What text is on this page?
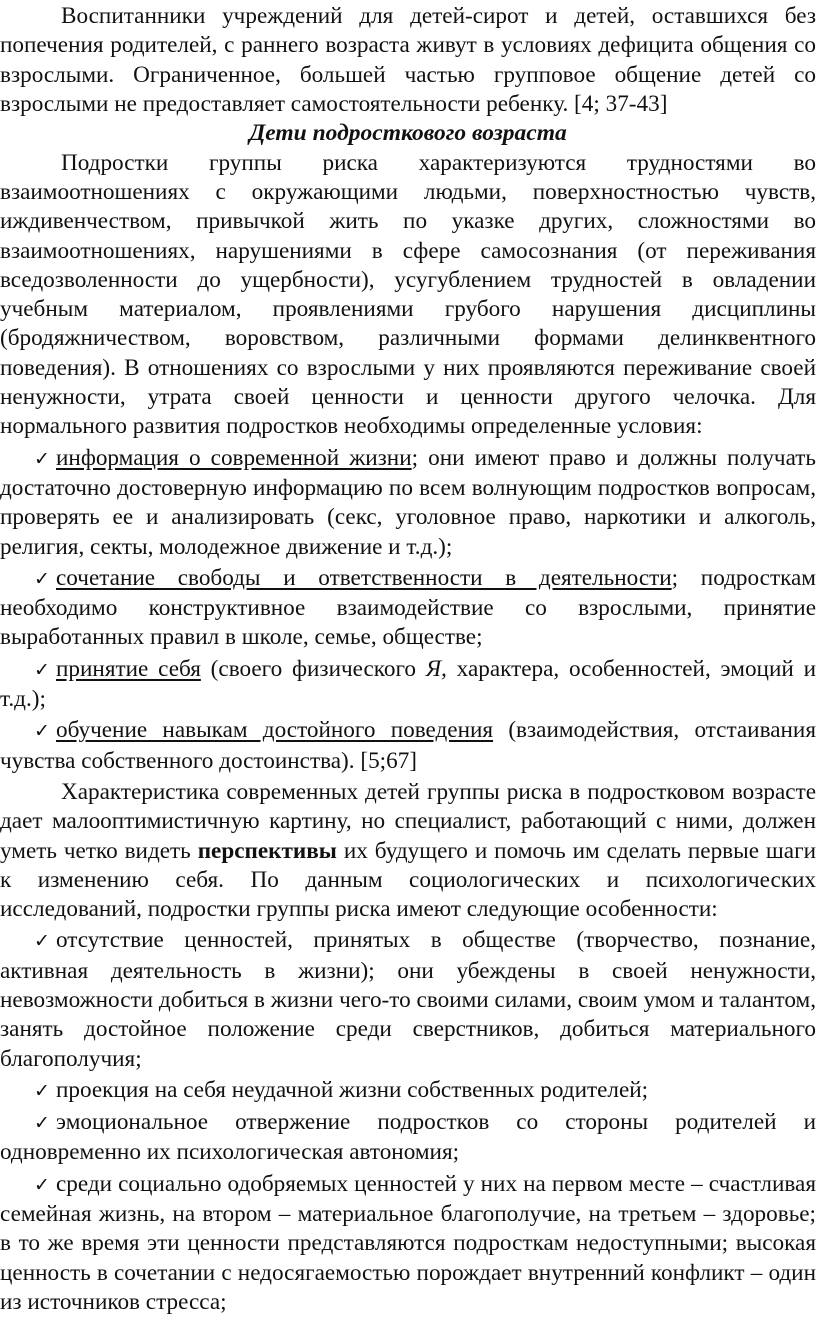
Воспитанники учреждений для детей-сирот и детей, оставшихся без попечения родителей, с раннего возраста живут в условиях дефицита общения со взрослыми. Ограниченное, большей частью групповое общение детей со взрослыми не предоставляет самостоятельности ребенку. [4; 37-43]

Дети подросткового возраста

Подростки группы риска характеризуются трудностями во взаимоотношениях с окружающими людьми, поверхностностью чувств, иждивенчеством, привычкой жить по указке других, сложностями во взаимоотношениях, нарушениями в сфере самосознания (от переживания вседозволенности до ущербности), усугублением трудностей в овладении учебным материалом, проявлениями грубого нарушения дисциплины (бродяжничеством, воровством, различными формами делинквентного поведения). В отношениях со взрослыми у них проявляются переживание своей ненужности, утрата своей ценности и ценности другого челочка. Для нормального развития подростков необходимы определенные условия:

✓ информация о современной жизни; они имеют право и должны получать достаточно достоверную информацию по всем волнующим подростков вопросам, проверять ее и анализировать (секс, уголовное право, наркотики и алкоголь, религия, секты, молодежное движение и т.д.);

✓ сочетание свободы и ответственности в деятельности; подросткам необходимо конструктивное взаимодействие со взрослыми, принятие выработанных правил в школе, семье, обществе;

✓ принятие себя (своего физического Я, характера, особенностей, эмоций и т.д.);

✓ обучение навыкам достойного поведения (взаимодействия, отстаивания чувства собственного достоинства). [5;67]

Характеристика современных детей группы риска в подростковом возрасте дает малооптимистичную картину, но специалист, работающий с ними, должен уметь четко видеть перспективы их будущего и помочь им сделать первые шаги к изменению себя. По данным социологических и психологических исследований, подростки группы риска имеют следующие особенности:

✓ отсутствие ценностей, принятых в обществе (творчество, познание, активная деятельность в жизни); они убеждены в своей ненужности, невозможности добиться в жизни чего-то своими силами, своим умом и талантом, занять достойное положение среди сверстников, добиться материального благополучия;

✓ проекция на себя неудачной жизни собственных родителей;

✓ эмоциональное отвержение подростков со стороны родителей и одновременно их психологическая автономия;

✓ среди социально одобряемых ценностей у них на первом месте – счастливая семейная жизнь, на втором – материальное благополучие, на третьем – здоровье; в то же время эти ценности представляются подросткам недоступными; высокая ценность в сочетании с недосягаемостью порождает внутренний конфликт – один из источников стресса;
